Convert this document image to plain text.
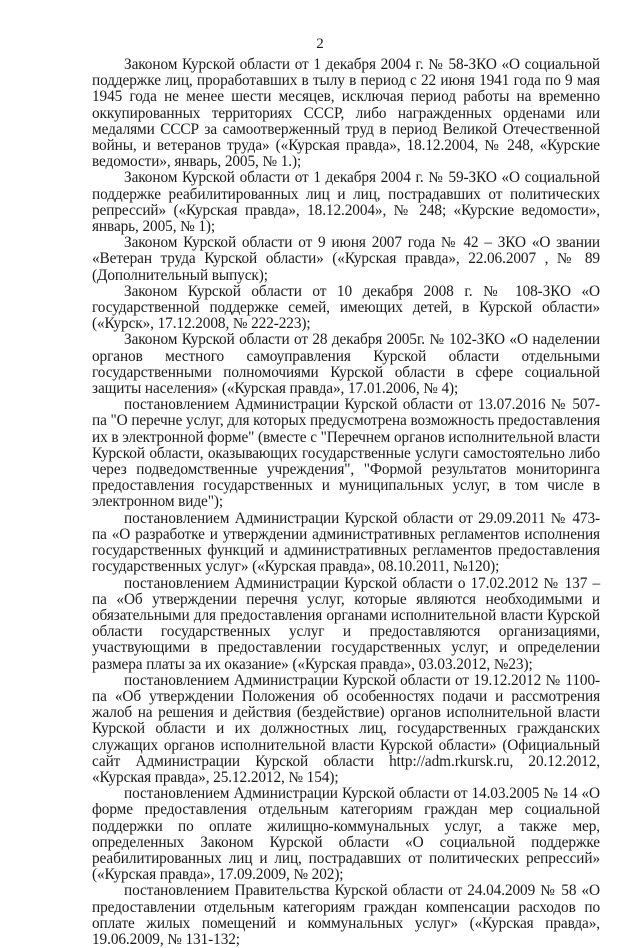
2

Законом Курской области от 1 декабря 2004 г. № 58-ЗКО «О социальной поддержке лиц, проработавших в тылу в период с 22 июня 1941 года по 9 мая 1945 года не менее шести месяцев, исключая период работы на временно оккупированных территориях СССР, либо награжденных орденами или медалями СССР за самоотверженный труд в период Великой Отечественной войны, и ветеранов труда» («Курская правда», 18.12.2004, № 248, «Курские ведомости», январь, 2005, № 1.);

Законом Курской области от 1 декабря 2004 г. № 59-ЗКО «О социальной поддержке реабилитированных лиц и лиц, пострадавших от политических репрессий» («Курская правда», 18.12.2004», № 248; «Курские ведомости», январь, 2005, № 1);

Законом Курской области от 9 июня 2007 года № 42 – ЗКО «О звании «Ветеран труда Курской области» («Курская правда», 22.06.2007 , № 89 (Дополнительный выпуск);

Законом Курской области от 10 декабря 2008 г. № 108-ЗКО «О государственной поддержке семей, имеющих детей, в Курской области» («Курск», 17.12.2008, № 222-223);

Законом Курской области от 28 декабря 2005г. № 102-ЗКО «О наделении органов местного самоуправления Курской области отдельными государственными полномочиями Курской области в сфере социальной защиты населения» («Курская правда», 17.01.2006, № 4);

постановлением Администрации Курской области от 13.07.2016 № 507-па "О перечне услуг, для которых предусмотрена возможность предоставления их в электронной форме" (вместе с "Перечнем органов исполнительной власти Курской области, оказывающих государственные услуги самостоятельно либо через подведомственные учреждения", "Формой результатов мониторинга предоставления государственных и муниципальных услуг, в том числе в электронном виде");

постановлением Администрации Курской области от 29.09.2011 № 473-па «О разработке и утверждении административных регламентов исполнения государственных функций и административных регламентов предоставления государственных услуг» («Курская правда», 08.10.2011, №120);

постановлением Администрации Курской области о 17.02.2012 № 137 – па «Об утверждении перечня услуг, которые являются необходимыми и обязательными для предоставления органами исполнительной власти Курской области государственных услуг и предоставляются организациями, участвующими в предоставлении государственных услуг, и определении размера платы за их оказание» («Курская правда», 03.03.2012, №23);

постановлением Администрации Курской области от 19.12.2012 № 1100-па «Об утверждении Положения об особенностях подачи и рассмотрения жалоб на решения и действия (бездействие) органов исполнительной власти Курской области и их должностных лиц, государственных гражданских служащих органов исполнительной власти Курской области» (Официальный сайт Администрации Курской области http://adm.rkursk.ru, 20.12.2012, «Курская правда», 25.12.2012, № 154);

постановлением Администрации Курской области от 14.03.2005 № 14 «О форме предоставления отдельным категориям граждан мер социальной поддержки по оплате жилищно-коммунальных услуг, а также мер, определенных Законом Курской области «О социальной поддержке реабилитированных лиц и лиц, пострадавших от политических репрессий» («Курская правда», 17.09.2009, № 202);

постановлением Правительства Курской области от 24.04.2009 № 58 «О предоставлении отдельным категориям граждан компенсации расходов по оплате жилых помещений и коммунальных услуг» («Курская правда», 19.06.2009, № 131-132;
